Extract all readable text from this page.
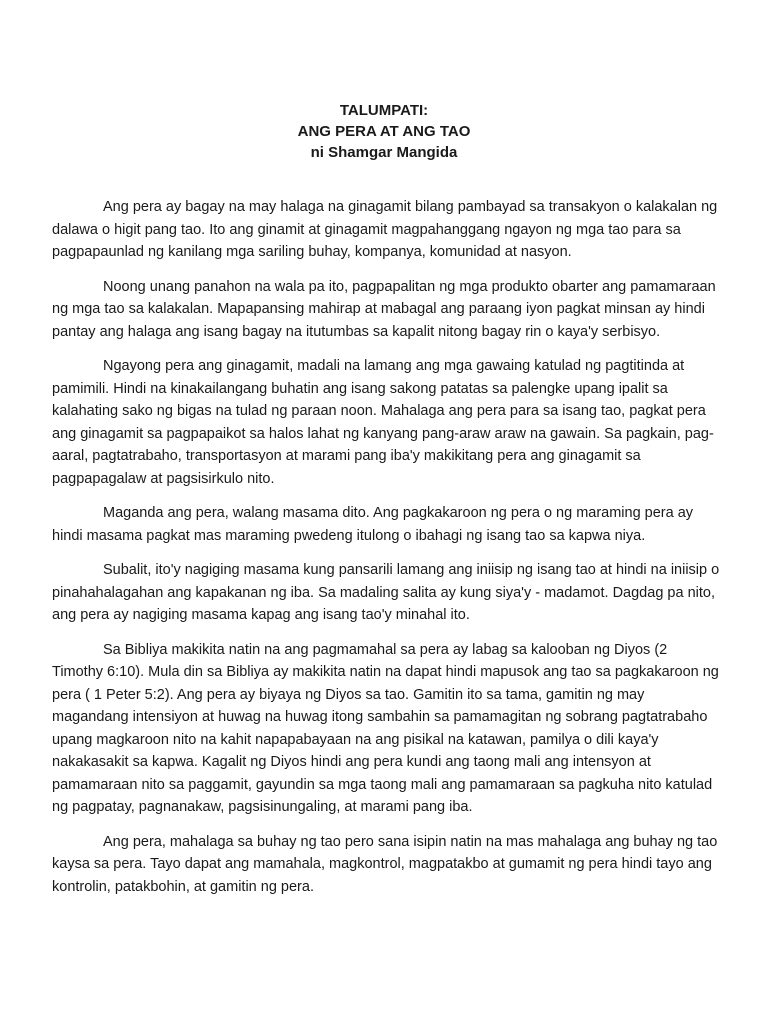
TALUMPATI:
ANG PERA AT ANG TAO
ni Shamgar Mangida

Ang pera ay bagay na may halaga na ginagamit bilang pambayad sa transakyon o kalakalan ng dalawa o higit pang tao. Ito ang ginamit at ginagamit magpahanggang ngayon ng mga tao para sa pagpapaunlad ng kanilang mga sariling buhay, kompanya, komunidad at nasyon.

Noong unang panahon na wala pa ito, pagpapalitan ng mga produkto obarter ang pamamaraan ng mga tao sa kalakalan. Mapapansing mahirap at mabagal ang paraang iyon pagkat minsan ay hindi pantay ang halaga ang isang bagay na itutumbas sa kapalit nitong bagay rin o kaya'y serbisyo.

Ngayong pera ang ginagamit, madali na lamang ang mga gawaing katulad ng pagtitinda at pamimili. Hindi na kinakailangang buhatin ang isang sakong patatas sa palengke upang ipalit sa kalahating sako ng bigas na tulad ng paraan noon. Mahalaga ang pera para sa isang tao, pagkat pera ang ginagamit sa pagpapaikot sa halos lahat ng kanyang pang-araw araw na gawain. Sa pagkain, pag-aaral, pagtatrabaho, transportasyon at marami pang iba'y makikitang pera ang ginagamit sa pagpapagalaw at pagsisirkulo nito.

Maganda ang pera, walang masama dito. Ang pagkakaroon ng pera o ng maraming pera ay hindi masama pagkat mas maraming pwedeng itulong o ibahagi ng isang tao sa kapwa niya.

Subalit, ito'y nagiging masama kung pansarili lamang ang iniisip ng isang tao at hindi na iniisip o pinahahalagahan ang kapakanan ng iba. Sa madaling salita ay kung siya'y - madamot. Dagdag pa nito, ang pera ay nagiging masama kapag ang isang tao'y minahal ito.

Sa Bibliya makikita natin na ang pagmamahal sa pera ay labag sa kalooban ng Diyos (2 Timothy 6:10). Mula din sa Bibliya ay makikita natin na dapat hindi mapusok ang tao sa pagkakaroon ng pera ( 1 Peter 5:2). Ang pera ay biyaya ng Diyos sa tao. Gamitin ito sa tama, gamitin ng may magandang intensiyon at huwag na huwag itong sambahin sa pamamagitan ng sobrang pagtatrabaho upang magkaroon nito na kahit napapabayaan na ang pisikal na katawan, pamilya o dili kaya'y nakakasakit sa kapwa. Kagalit ng Diyos hindi ang pera kundi ang taong mali ang intensyon at pamamaraan nito sa paggamit, gayundin sa mga taong mali ang pamamaraan sa pagkuha nito katulad ng pagpatay, pagnanakaw, pagsisinungaling, at marami pang iba.

Ang pera, mahalaga sa buhay ng tao pero sana isipin natin na mas mahalaga ang buhay ng tao kaysa sa pera. Tayo dapat ang mamahala, magkontrol, magpatakbo at gumamit ng pera hindi tayo ang kontrolin, patakbohin, at gamitin ng pera.
